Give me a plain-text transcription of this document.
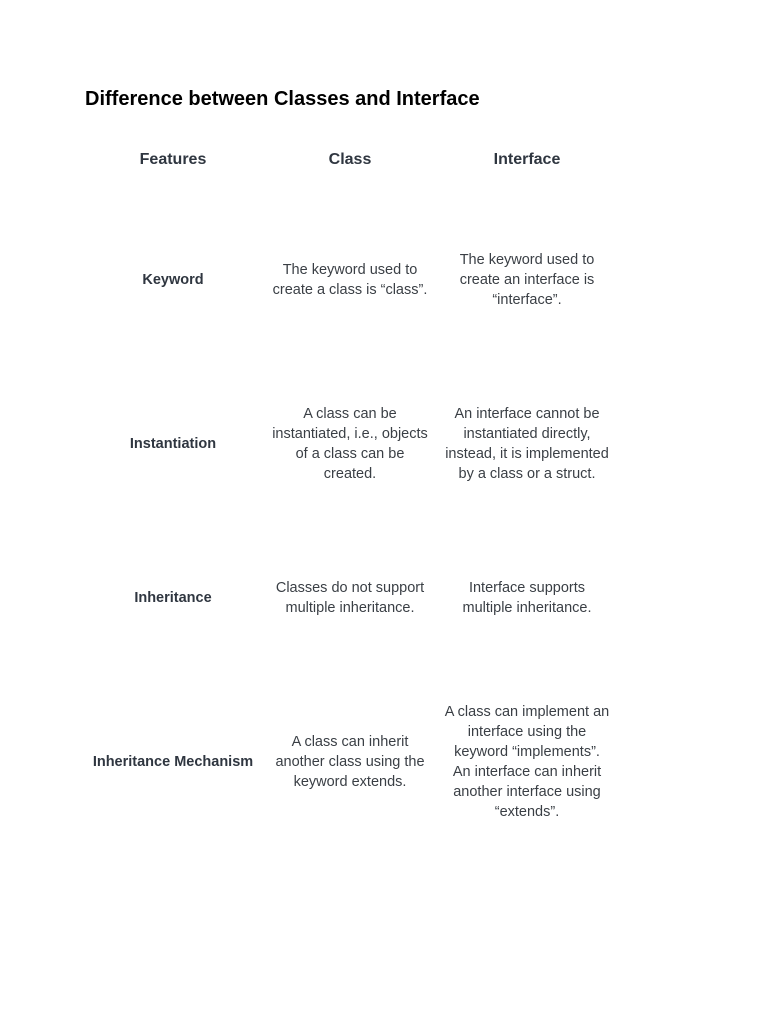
Difference between Classes and Interface
Features	Class	Interface
Keyword
The keyword used to create a class is “class”.
The keyword used to create an interface is “interface”.
Instantiation
A class can be instantiated, i.e., objects of a class can be created.
An interface cannot be instantiated directly, instead, it is implemented by a class or a struct.
Inheritance
Classes do not support multiple inheritance.
Interface supports multiple inheritance.
Inheritance Mechanism
A class can inherit another class using the keyword extends.
A class can implement an interface using the keyword “implements”. An interface can inherit another interface using “extends”.
